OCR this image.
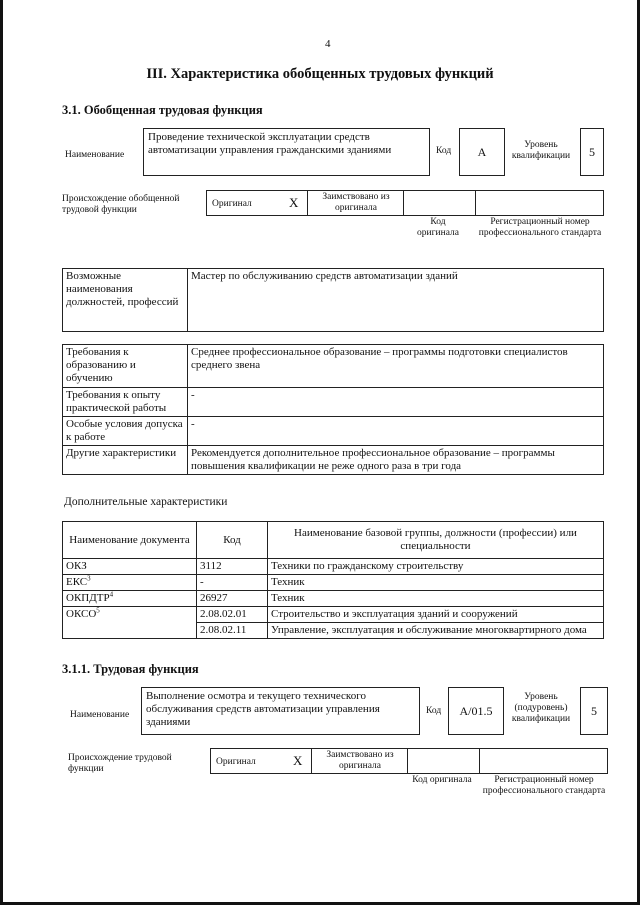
4
III. Характеристика обобщенных трудовых функций
3.1. Обобщенная трудовая функция
Наименование
Проведение технической эксплуатации средств автоматизации управления гражданскими зданиями	Код	A	Уровень квалификации	5
Происхождение обобщенной трудовой функции
Оригинал	X	Заимствовано из оригинала
Код оригинала
Регистрационный номер профессионального стандарта
Возможные наименования должностей, профессий	Мастер по обслуживанию средств автоматизации зданий
Требования к образованию и обучению	Среднее профессиональное образование – программы подготовки специалистов среднего звена
Требования к опыту практической работы	-
Особые условия допуска к работе	-
Другие характеристики	Рекомендуется дополнительное профессиональное образование – программы повышения квалификации не реже одного раза в три года
Дополнительные характеристики
Наименование документа	Код	Наименование базовой группы, должности (профессии) или специальности
ОКЗ	3112	Техники по гражданскому строительству
ЕКС$^3$	-	Техник
ОКПДТР$^4$	26927	Техник
ОКСО$^5$	2.08.02.01	Строительство и эксплуатация зданий и сооружений
	2.08.02.11	Управление, эксплуатация и обслуживание многоквартирного дома
3.1.1. Трудовая функция
Наименование
Выполнение осмотра и текущего технического обслуживания средств автоматизации управления зданиями
Код	A/01.5
Уровень (подуровень) квалификации
5
Происхождение трудовой функции
Оригинал	X	Заимствовано из оригинала
Код оригинала	Регистрационный номер профессионального стандарта
